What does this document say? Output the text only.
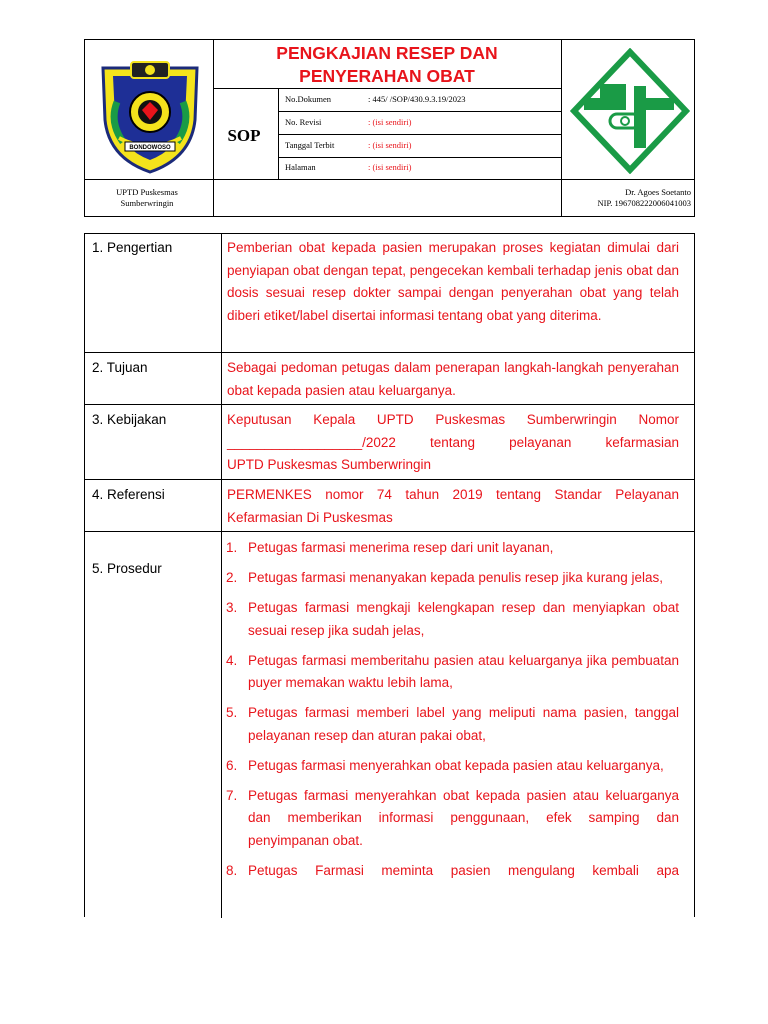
BONDOWOSO
PENGKAJIAN RESEP DAN
PENYERAHAN OBAT
SOP
No.Dokumen	: 445/ /SOP/430.9.3.19/2023
No. Revisi	: (isi sendiri)
Tanggal Terbit	: (isi sendiri)
Halaman	: (isi sendiri)
UPTD Puskesmas
Sumberwringin
Dr. Agoes Soetanto
NIP. 196708222006041003
1. Pengertian	Pemberian obat kepada pasien merupakan proses kegiatan dimulai dari penyiapan obat dengan tepat, pengecekan kembali terhadap jenis obat dan dosis sesuai resep dokter sampai dengan penyerahan obat yang telah diberi etiket/label disertai informasi tentang obat yang diterima.
2. Tujuan	Sebagai pedoman petugas dalam penerapan langkah-langkah penyerahan obat kepada pasien atau keluarganya.
3. Kebijakan	Keputusan Kepala UPTD Puskesmas Sumberwringin Nomor

__________________/2022 tentang pelayanan kefarmasian

UPTD Puskesmas Sumberwringin

4. Referensi	PERMENKES nomor 74 tahun 2019 tentang Standar Pelayanan Kefarmasian Di Puskesmas
5. Prosedur
1. Petugas farmasi menerima resep dari unit layanan,
2. Petugas farmasi menanyakan kepada penulis resep jika kurang jelas,
3. Petugas farmasi mengkaji kelengkapan resep dan menyiapkan obat sesuai resep jika sudah jelas,
4. Petugas farmasi memberitahu pasien atau keluarganya jika pembuatan puyer memakan waktu lebih lama,
5. Petugas farmasi memberi label yang meliputi nama pasien, tanggal pelayanan resep dan aturan pakai obat,
6. Petugas farmasi menyerahkan obat kepada pasien atau keluarganya,
7. Petugas farmasi menyerahkan obat kepada pasien atau keluarganya dan memberikan informasi penggunaan, efek samping dan penyimpanan obat.
8. Petugas Farmasi meminta pasien mengulang kembali apa
